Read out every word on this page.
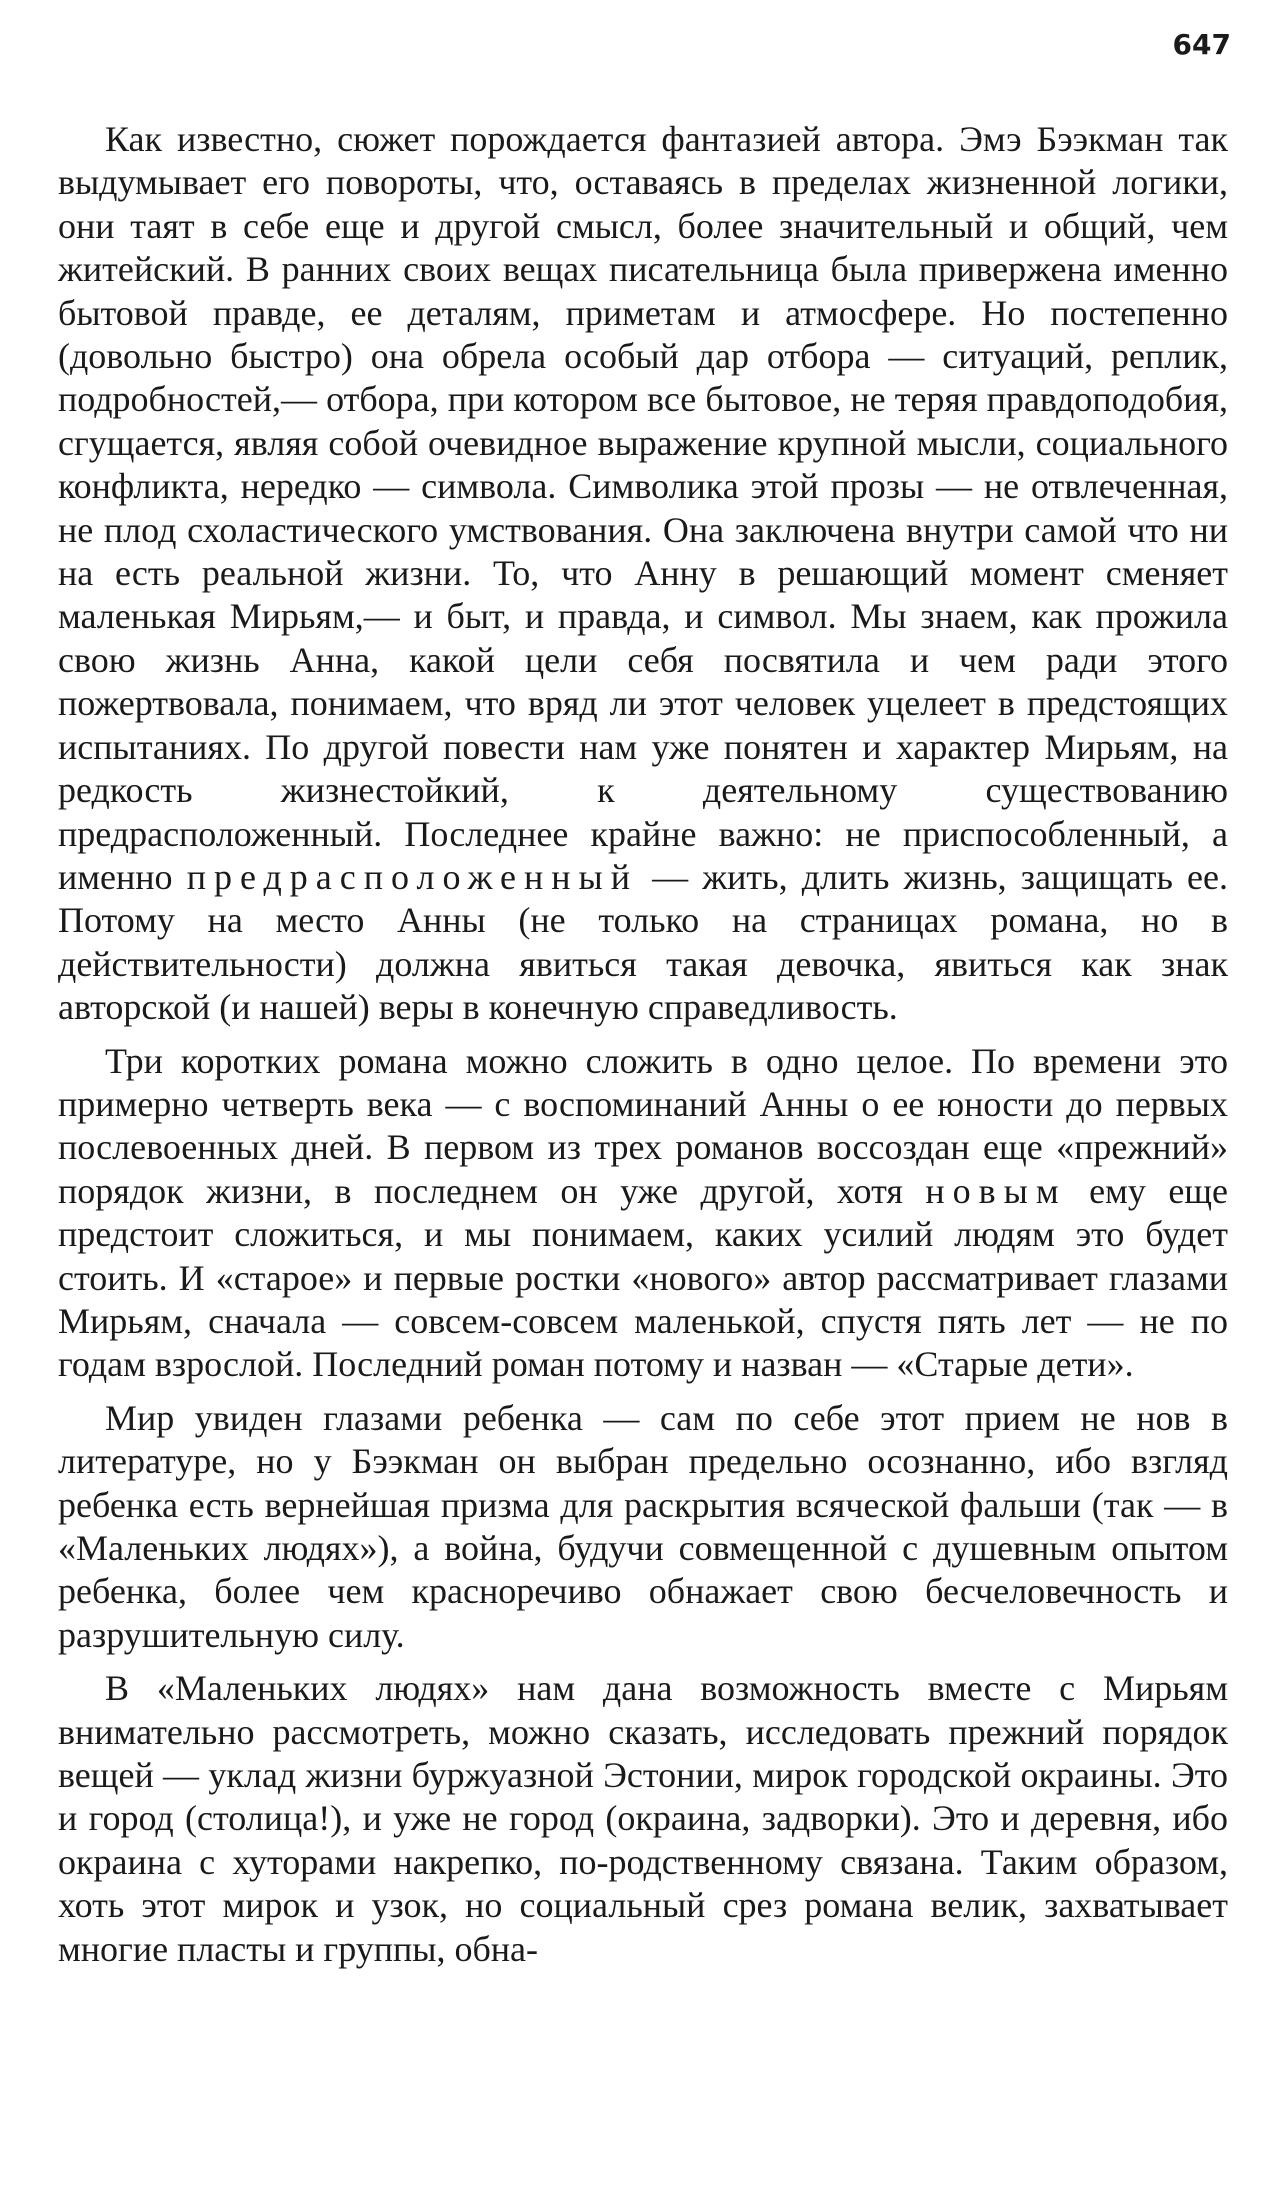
647

Как известно, сюжет порождается фантазией автора. Эмэ Бээкман так выдумывает его повороты, что, оставаясь в пределах жизненной логики, они таят в себе еще и другой смысл, более значительный и общий, чем житейский. В ранних своих вещах писательница была привержена именно бытовой правде, ее деталям, приметам и атмосфере. Но постепенно (довольно быстро) она обрела особый дар отбора — ситуаций, реплик, подробностей,— отбора, при котором все бытовое, не теряя правдоподобия, сгущается, являя собой очевидное выражение крупной мысли, социального конфликта, нередко — символа. Символика этой прозы — не отвлеченная, не плод схоластического умствования. Она заключена внутри самой что ни на есть реальной жизни. То, что Анну в решающий момент сменяет маленькая Мирьям,— и быт, и правда, и символ. Мы знаем, как прожила свою жизнь Анна, какой цели себя посвятила и чем ради этого пожертвовала, понимаем, что вряд ли этот человек уцелеет в предстоящих испытаниях. По другой повести нам уже понятен и характер Мирьям, на редкость жизнестойкий, к деятельному существованию предрасположенный. Последнее крайне важно: не приспособленный, а именно предрасположенный — жить, длить жизнь, защищать ее. Потому на место Анны (не только на страницах романа, но в действительности) должна явиться такая девочка, явиться как знак авторской (и нашей) веры в конечную справедливость.

Три коротких романа можно сложить в одно целое. По времени это примерно четверть века — с воспоминаний Анны о ее юности до первых послевоенных дней. В первом из трех романов воссоздан еще «прежний» порядок жизни, в последнем он уже другой, хотя новым ему еще предстоит сложиться, и мы понимаем, каких усилий людям это будет стоить. И «старое» и первые ростки «нового» автор рассматривает глазами Мирьям, сначала — совсем-совсем маленькой, спустя пять лет — не по годам взрослой. Последний роман потому и назван — «Старые дети».

Мир увиден глазами ребенка — сам по себе этот прием не нов в литературе, но у Бээкман он выбран предельно осознанно, ибо взгляд ребенка есть вернейшая призма для раскрытия всяческой фальши (так — в «Маленьких людях»), а война, будучи совмещенной с душевным опытом ребенка, более чем красноречиво обнажает свою бесчеловечность и разрушительную силу.

В «Маленьких людях» нам дана возможность вместе с Мирьям внимательно рассмотреть, можно сказать, исследовать прежний порядок вещей — уклад жизни буржуазной Эстонии, мирок городской окраины. Это и город (столица!), и уже не город (окраина, задворки). Это и деревня, ибо окраина с хуторами накрепко, по-родственному связана. Таким образом, хоть этот мирок и узок, но социальный срез романа велик, захватывает многие пласты и группы, обна-
